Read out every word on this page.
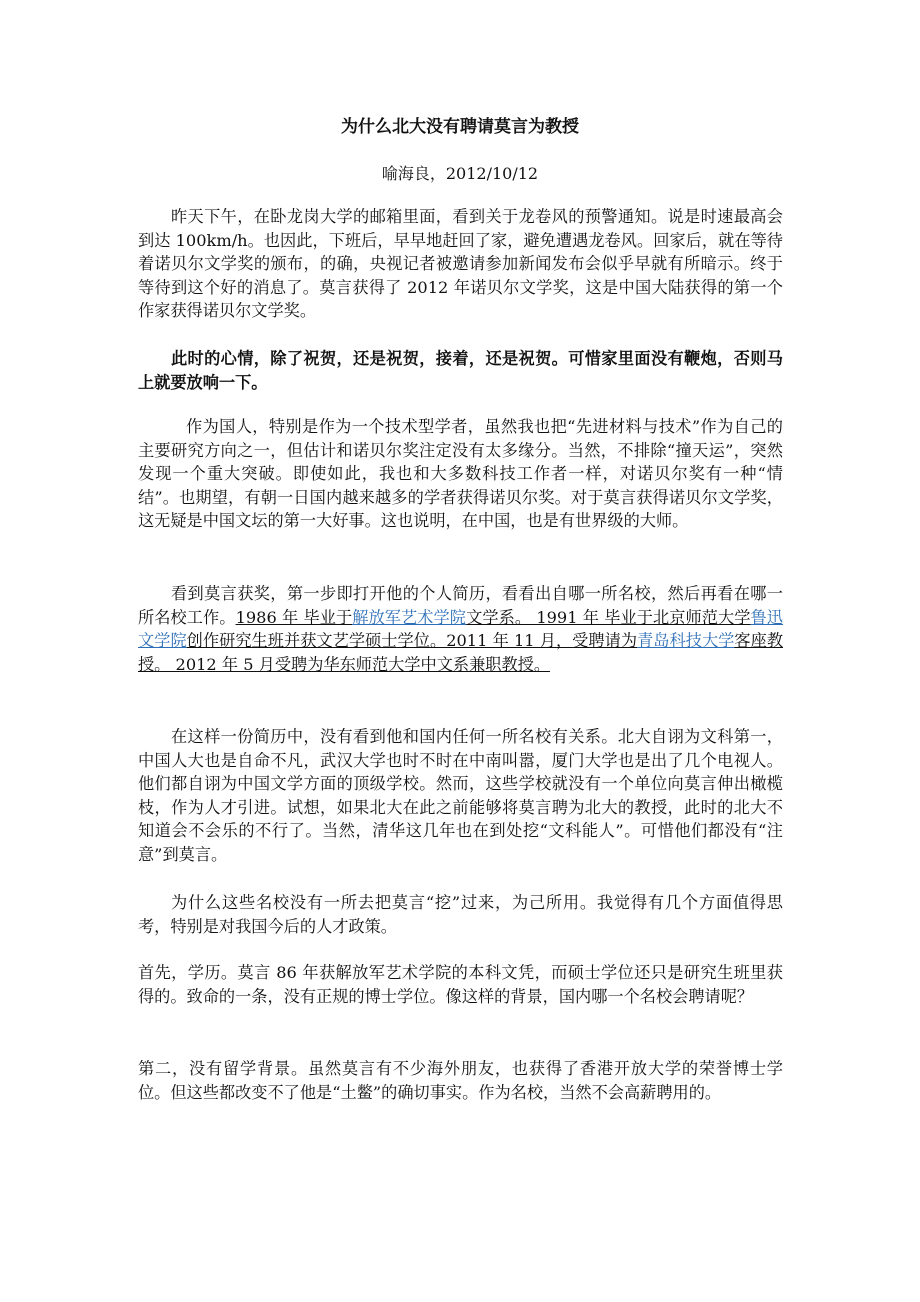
为什么北大没有聘请莫言为教授
喻海良，2012/10/12

昨天下午，在卧龙岗大学的邮箱里面，看到关于龙卷风的预警通知。说是时速最高会到达 100km/h。也因此，下班后，早早地赶回了家，避免遭遇龙卷风。回家后，就在等待着诺贝尔文学奖的颁布，的确，央视记者被邀请参加新闻发布会似乎早就有所暗示。终于等待到这个好的消息了。莫言获得了 2012 年诺贝尔文学奖，这是中国大陆获得的第一个作家获得诺贝尔文学奖。

此时的心情，除了祝贺，还是祝贺，接着，还是祝贺。可惜家里面没有鞭炮，否则马上就要放响一下。

作为国人，特别是作为一个技术型学者，虽然我也把“先进材料与技术”作为自己的主要研究方向之一，但估计和诺贝尔奖注定没有太多缘分。当然，不排除“撞天运”，突然发现一个重大突破。即使如此，我也和大多数科技工作者一样，对诺贝尔奖有一种“情结”。也期望，有朝一日国内越来越多的学者获得诺贝尔奖。对于莫言获得诺贝尔文学奖，这无疑是中国文坛的第一大好事。这也说明，在中国，也是有世界级的大师。

看到莫言获奖，第一步即打开他的个人简历，看看出自哪一所名校，然后再看在哪一所名校工作。1986 年 毕业于解放军艺术学院文学系。 1991 年 毕业于北京师范大学鲁迅文学院创作研究生班并获文艺学硕士学位。2011 年 11 月，受聘请为青岛科技大学客座教授。 2012 年 5 月受聘为华东师范大学中文系兼职教授。

在这样一份简历中，没有看到他和国内任何一所名校有关系。北大自诩为文科第一，中国人大也是自命不凡，武汉大学也时不时在中南叫嚣，厦门大学也是出了几个电视人。他们都自诩为中国文学方面的顶级学校。然而，这些学校就没有一个单位向莫言伸出橄榄枝，作为人才引进。试想，如果北大在此之前能够将莫言聘为北大的教授，此时的北大不知道会不会乐的不行了。当然，清华这几年也在到处挖“文科能人”。可惜他们都没有“注意”到莫言。

为什么这些名校没有一所去把莫言“挖”过来，为己所用。我觉得有几个方面值得思考，特别是对我国今后的人才政策。

首先，学历。莫言 86 年获解放军艺术学院的本科文凭，而硕士学位还只是研究生班里获得的。致命的一条，没有正规的博士学位。像这样的背景，国内哪一个名校会聘请呢？

第二，没有留学背景。虽然莫言有不少海外朋友，也获得了香港开放大学的荣誉博士学位。但这些都改变不了他是“土鳖”的确切事实。作为名校，当然不会高薪聘用的。
